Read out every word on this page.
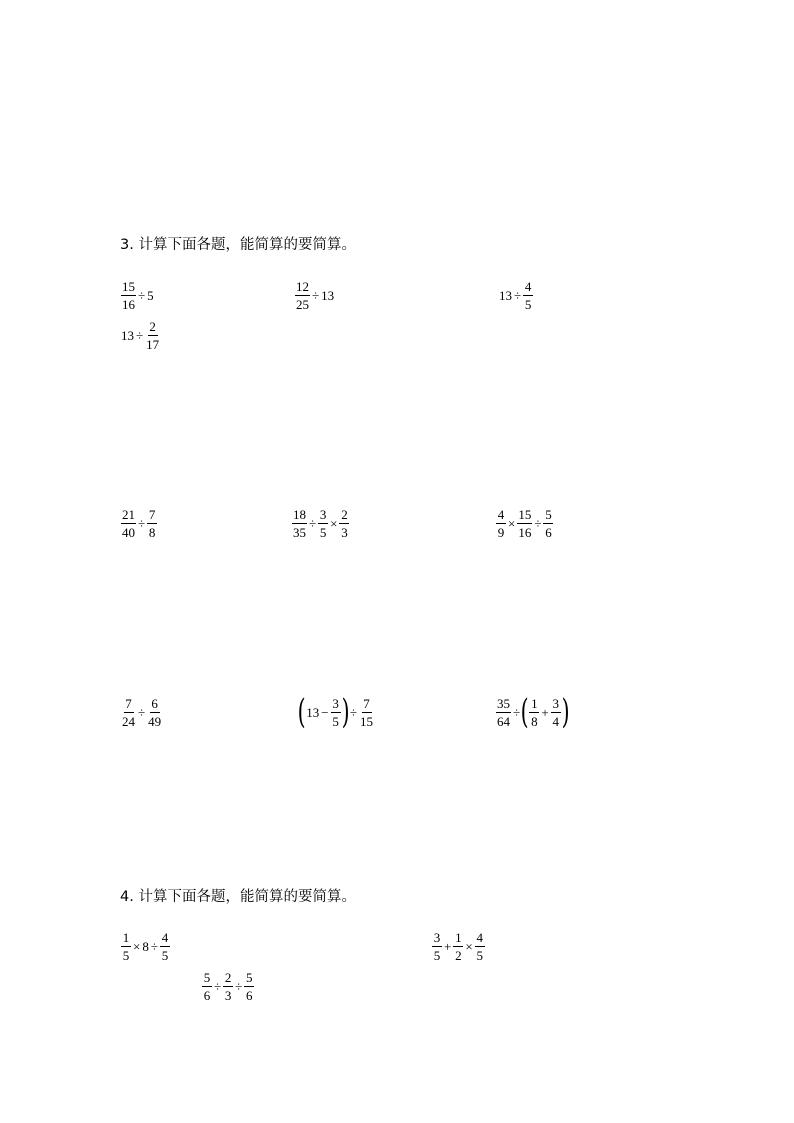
3. 计算下面各题，能简算的要简算。
$\frac{15}{16} \div 5$	$\frac{12}{25} \div 13$	$13 \div \frac{4}{5}$
$13 \div \frac{2}{17}$
$\frac{21}{40} \div \frac{7}{8}$	$\frac{18}{35} \div \frac{3}{5} \times \frac{2}{3}$	$\frac{4}{9} \times \frac{15}{16} \div \frac{5}{6}$
$\frac{7}{24} \div \frac{6}{49}$	( $13 - \frac{3}{5}$ ) ÷ $\frac{7}{15}$	$\frac{35}{64}$ ÷ ( $\frac{1}{8} + \frac{3}{4}$ )
4. 计算下面各题，能简算的要简算。
$\frac{1}{5} \times 8 \div \frac{4}{5}$	$\frac{3}{5} + \frac{1}{2} \times \frac{4}{5}$
$\frac{5}{6} \div \frac{2}{3} \div \frac{5}{6}$
